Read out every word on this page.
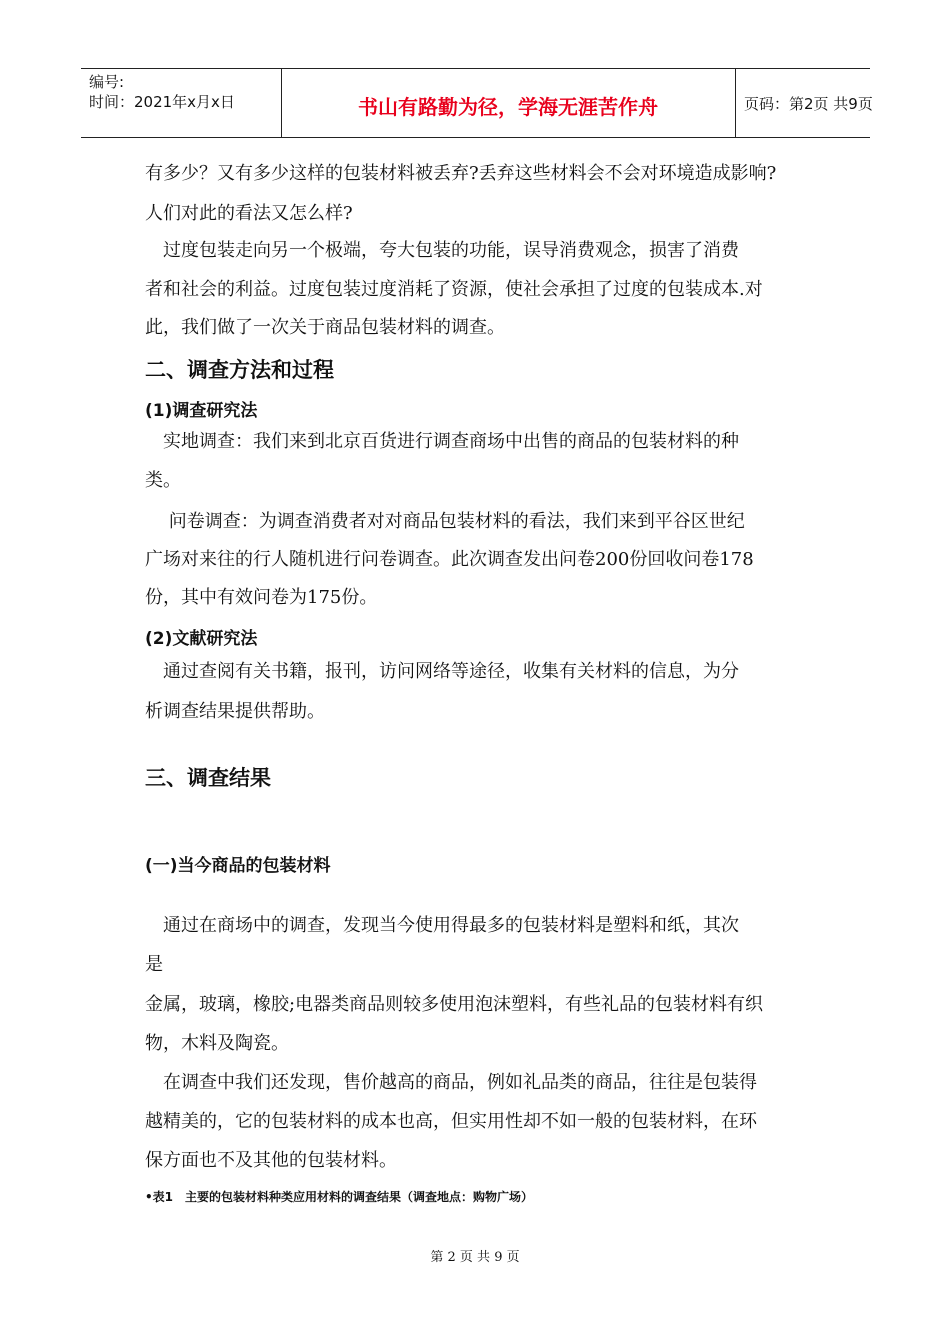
编号:
时间：2021年x月x日	书山有路勤为径，学海无涯苦作舟	页码：第2页 共9页
有多少？又有多少这样的包装材料被丢弃?丢弃这些材料会不会对环境造成影响?
人们对此的看法又怎么样?
　过度包装走向另一个极端，夸大包装的功能，误导消费观念，损害了消费
者和社会的利益。过度包装过度消耗了资源，使社会承担了过度的包装成本.对
此，我们做了一次关于商品包装材料的调查。
二、调查方法和过程
(1)调查研究法
　实地调查：我们来到北京百货进行调查商场中出售的商品的包装材料的种
类。
　 问卷调查：为调查消费者对对商品包装材料的看法，我们来到平谷区世纪
广场对来往的行人随机进行问卷调查。此次调查发出问卷200份回收问卷178
份，其中有效问卷为175份。
(2)文献研究法
　通过查阅有关书籍，报刊，访问网络等途径，收集有关材料的信息，为分
析调查结果提供帮助。
三、调查结果
(一)当今商品的包装材料
　通过在商场中的调查，发现当今使用得最多的包装材料是塑料和纸，其次
是
金属，玻璃，橡胶;电器类商品则较多使用泡沫塑料，有些礼品的包装材料有织
物，木料及陶瓷。
　在调查中我们还发现，售价越高的商品，例如礼品类的商品，往往是包装得
越精美的，它的包装材料的成本也高，但实用性却不如一般的包装材料，在环
保方面也不及其他的包装材料。
•表1　主要的包装材料种类应用材料的调查结果（调查地点：购物广场）
第 2 页 共 9 页
